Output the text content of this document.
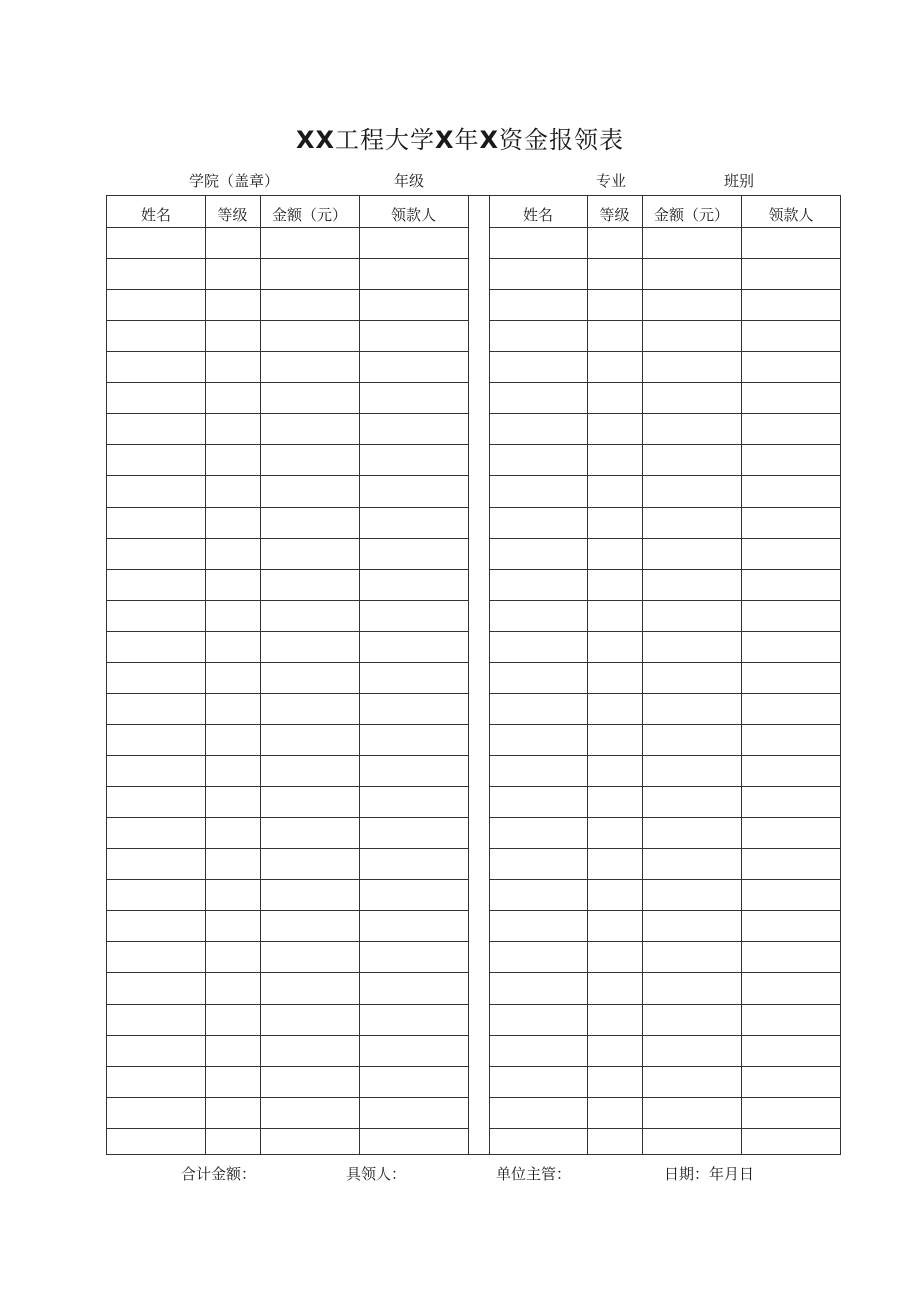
XX工程大学X年X资金报领表
学院（盖章）	年级	专业	班别
姓名	等级	金额（元）	领款人	姓名	等级	金额（元）	领款人
合计金额：	具领人：	单位主管：	日期：年月日
